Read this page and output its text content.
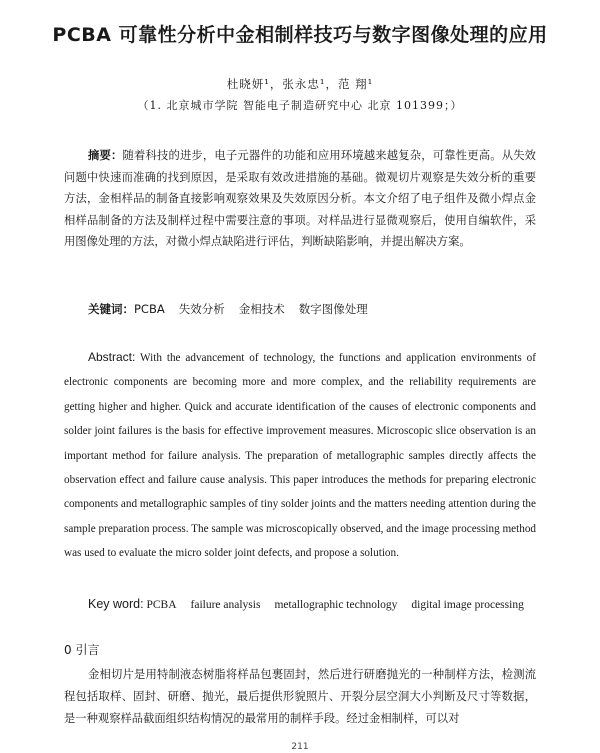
PCBA 可靠性分析中金相制样技巧与数字图像处理的应用
杜晓妍¹，张永忠¹，范 翔¹
（1. 北京城市学院 智能电子制造研究中心 北京 101399；）
摘要：随着科技的进步，电子元器件的功能和应用环境越来越复杂，可靠性更高。从失效问题中快速而准确的找到原因，是采取有效改进措施的基础。微观切片观察是失效分析的重要方法，金相样品的制备直接影响观察效果及失效原因分析。本文介绍了电子组件及微小焊点金相样品制备的方法及制样过程中需要注意的事项。对样品进行显微观察后，使用自编软件，采用图像处理的方法，对微小焊点缺陷进行评估，判断缺陷影响，并提出解决方案。
关键词：PCBA 失效分析 金相技术 数字图像处理
Abstract: With the advancement of technology, the functions and application environments of electronic components are becoming more and more complex, and the reliability requirements are getting higher and higher. Quick and accurate identification of the causes of electronic components and solder joint failures is the basis for effective improvement measures. Microscopic slice observation is an important method for failure analysis. The preparation of metallographic samples directly affects the observation effect and failure cause analysis. This paper introduces the methods for preparing electronic components and metallographic samples of tiny solder joints and the matters needing attention during the sample preparation process. The sample was microscopically observed, and the image processing method was used to evaluate the micro solder joint defects, and propose a solution.
Key word: PCBA failure analysis metallographic technology digital image processing
0 引言
金相切片是用特制液态树脂将样品包裹固封，然后进行研磨抛光的一种制样方法，检测流程包括取样、固封、研磨、抛光，最后提供形貌照片、开裂分层空洞大小判断及尺寸等数据，是一种观察样品截面组织结构情况的最常用的制样手段。经过金相制样，可以对
211
